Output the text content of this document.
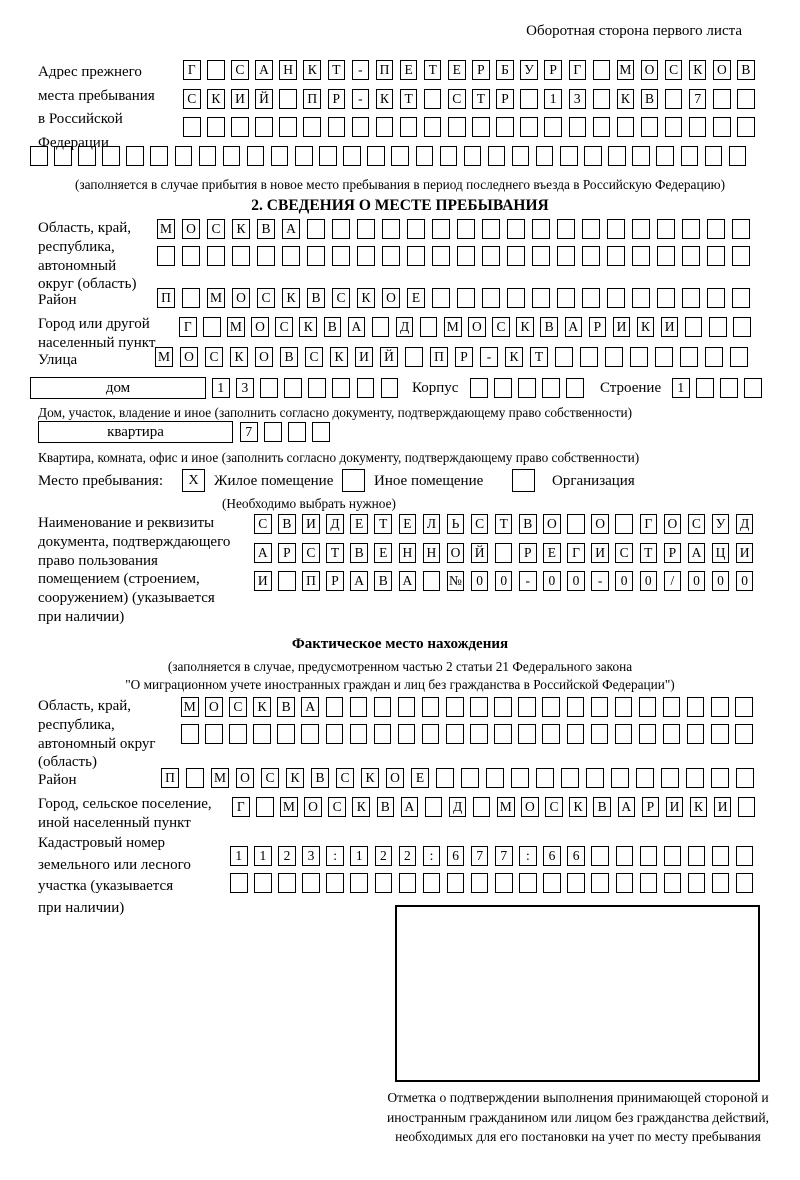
Оборотная сторона первого листа
Адрес прежнего
места пребывания
в Российской
Федерации
Г	С	А Н	К	Т	-	П	Е	Т	Е	Р	Б	У	Р	Г	М О	С	К	О	В
С	К	И Й	П	Р	-	К	Т	С	Т	Р	1	3	К	В	7
(заполняется в случае прибытия в новое место пребывания в период последнего въезда в Российскую Федерацию)
2. СВЕДЕНИЯ О МЕСТЕ ПРЕБЫВАНИЯ
Область, край,
республика,
автономный
округ (область)
М	О	С	К	В	А
Район	П	М	О	С	К	В	С	К	О	Е
Город или другой
населенный пункт
Г	М О	С	К	В	А	Д	М О	С	К	В	А	Р	И	К	И
Улица	М	О	С	К	О	В	С	К	И	Й	П	Р	-	К	Т
дом	1	3	Корпус	Строение	1
Дом, участок, владение и иное (заполнить согласно документу, подтверждающему право собственности)
квартира	7
Квартира, комната, офис и иное (заполнить согласно документу, подтверждающему право собственности)
Место пребывания:	X	Жилое помещение	Иное помещение	Организация
(Необходимо выбрать нужное)
Наименование и реквизиты
документа, подтверждающего
право пользования
помещением (строением,
сооружением) (указывается
при наличии)
С	В	И	Д	Е	Т	Е	Л	Ь	С	Т	В	О	О	Г	О	С	У	Д
А	Р	С	Т	В	Е	Н Н О Й	Р	Е	Г	И	С	Т	Р	А Ц И
И	П	Р	А	В	А	№	0	0	-	0	0	-	0	0	/	0	0	0
Фактическое место нахождения
(заполняется в случае, предусмотренном частью 2 статьи 21 Федерального закона
"О миграционном учете иностранных граждан и лиц без гражданства в Российской Федерации")
Область, край,
республика,
автономный округ
(область)
М О	С	К	В	А
Район	П	М	О	С	К	В	С	К	О	Е
Город, сельское поселение,
иной населенный пункт
Г	М О	С	К	В	А	Д	М О	С	К	В	А	Р	И	К	И
Кадастровый номер
земельного или лесного
участка (указывается
при наличии)
1	1	2	3	:	1	2	2	:	6	7	7	:	6	6
Отметка о подтверждении выполнения принимающей стороной и иностранным гражданином или лицом без гражданства действий, необходимых для его постановки на учет по месту пребывания
